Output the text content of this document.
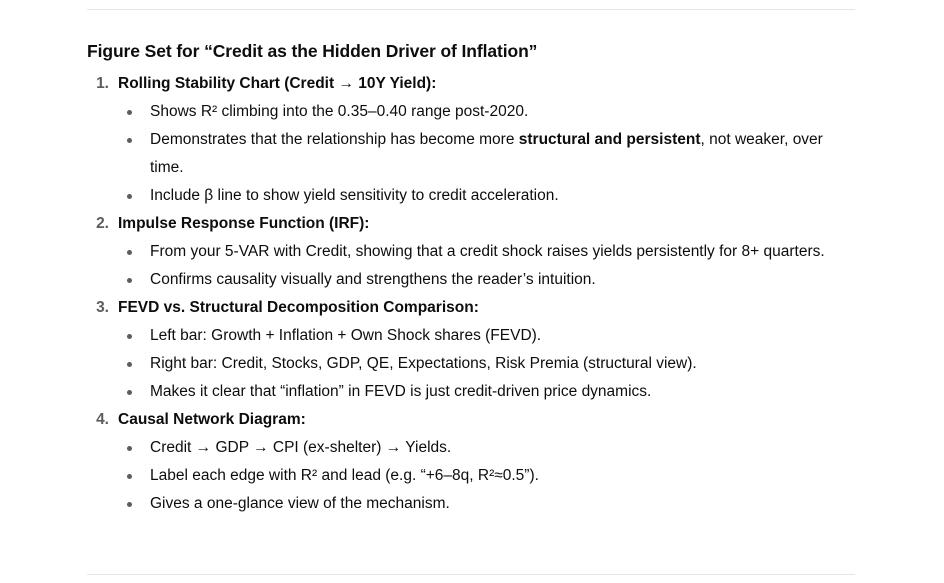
Figure Set for “Credit as the Hidden Driver of Inflation”
1. Rolling Stability Chart (Credit → 10Y Yield):
Shows R² climbing into the 0.35–0.40 range post-2020.
Demonstrates that the relationship has become more structural and persistent, not weaker, over time.
Include β line to show yield sensitivity to credit acceleration.
2. Impulse Response Function (IRF):
From your 5-VAR with Credit, showing that a credit shock raises yields persistently for 8+ quarters.
Confirms causality visually and strengthens the reader’s intuition.
3. FEVD vs. Structural Decomposition Comparison:
Left bar: Growth + Inflation + Own Shock shares (FEVD).
Right bar: Credit, Stocks, GDP, QE, Expectations, Risk Premia (structural view).
Makes it clear that “inflation” in FEVD is just credit-driven price dynamics.
4. Causal Network Diagram:
Credit → GDP → CPI (ex-shelter) → Yields.
Label each edge with R² and lead (e.g. “+6–8q, R²≈0.5”).
Gives a one-glance view of the mechanism.
